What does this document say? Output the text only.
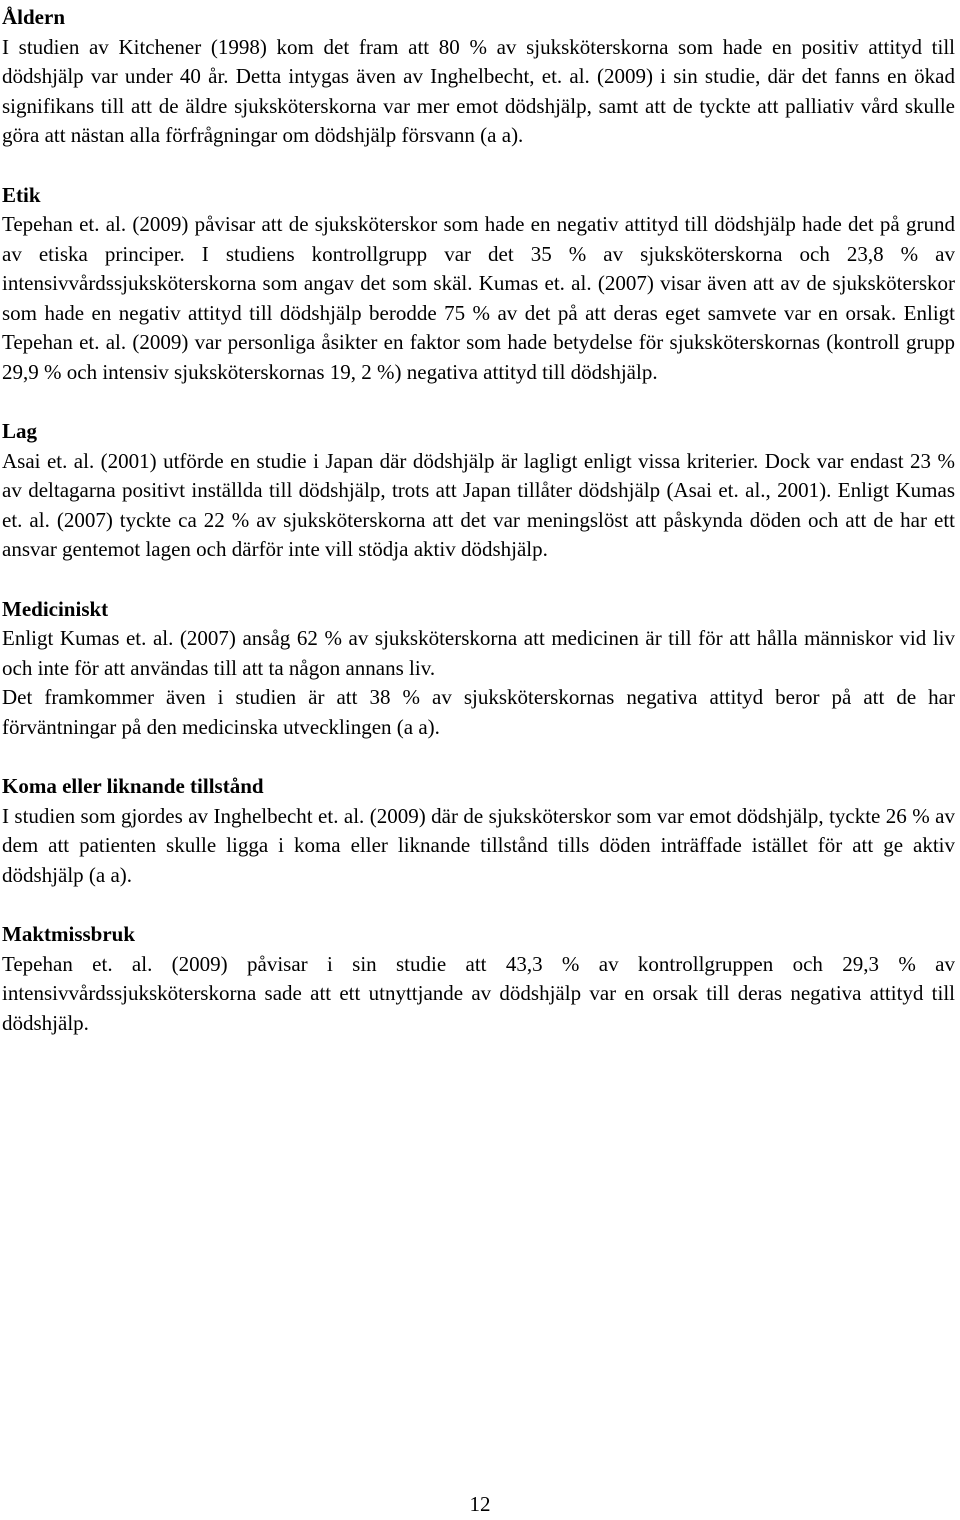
Åldern

I studien av Kitchener (1998) kom det fram att 80 % av sjuksköterskorna som hade en positiv attityd till dödshjälp var under 40 år. Detta intygas även av Inghelbecht, et. al. (2009) i sin studie, där det fanns en ökad signifikans till att de äldre sjuksköterskorna var mer emot dödshjälp, samt att de tyckte att palliativ vård skulle göra att nästan alla förfrågningar om dödshjälp försvann (a a).

Etik

Tepehan et. al. (2009) påvisar att de sjuksköterskor som hade en negativ attityd till dödshjälp hade det på grund av etiska principer. I studiens kontrollgrupp var det 35 % av sjuksköterskorna och 23,8 % av intensivvårdssjuksköterskorna som angav det som skäl. Kumas et. al. (2007) visar även att av de sjuksköterskor som hade en negativ attityd till dödshjälp berodde 75 % av det på att deras eget samvete var en orsak. Enligt Tepehan et. al. (2009) var personliga åsikter en faktor som hade betydelse för sjuksköterskornas (kontroll grupp 29,9 % och intensiv sjuksköterskornas 19, 2 %) negativa attityd till dödshjälp.

Lag

Asai et. al. (2001) utförde en studie i Japan där dödshjälp är lagligt enligt vissa kriterier. Dock var endast 23 % av deltagarna positivt inställda till dödshjälp, trots att Japan tillåter dödshjälp (Asai et. al., 2001). Enligt Kumas et. al. (2007) tyckte ca 22 % av sjuksköterskorna att det var meningslöst att påskynda döden och att de har ett ansvar gentemot lagen och därför inte vill stödja aktiv dödshjälp.

Mediciniskt

Enligt Kumas et. al. (2007) ansåg 62 % av sjuksköterskorna att medicinen är till för att hålla människor vid liv och inte för att användas till att ta någon annans liv.

Det framkommer även i studien är att 38 % av sjuksköterskornas negativa attityd beror på att de har förväntningar på den medicinska utvecklingen (a a).

Koma eller liknande tillstånd

I studien som gjordes av Inghelbecht et. al. (2009) där de sjuksköterskor som var emot dödshjälp, tyckte 26 % av dem att patienten skulle ligga i koma eller liknande tillstånd tills döden inträffade istället för att ge aktiv dödshjälp (a a).

Maktmissbruk

Tepehan et. al. (2009) påvisar i sin studie att 43,3 % av kontrollgruppen och 29,3 % av intensivvårdssjuksköterskorna sade att ett utnyttjande av dödshjälp var en orsak till deras negativa attityd till dödshjälp.

12
